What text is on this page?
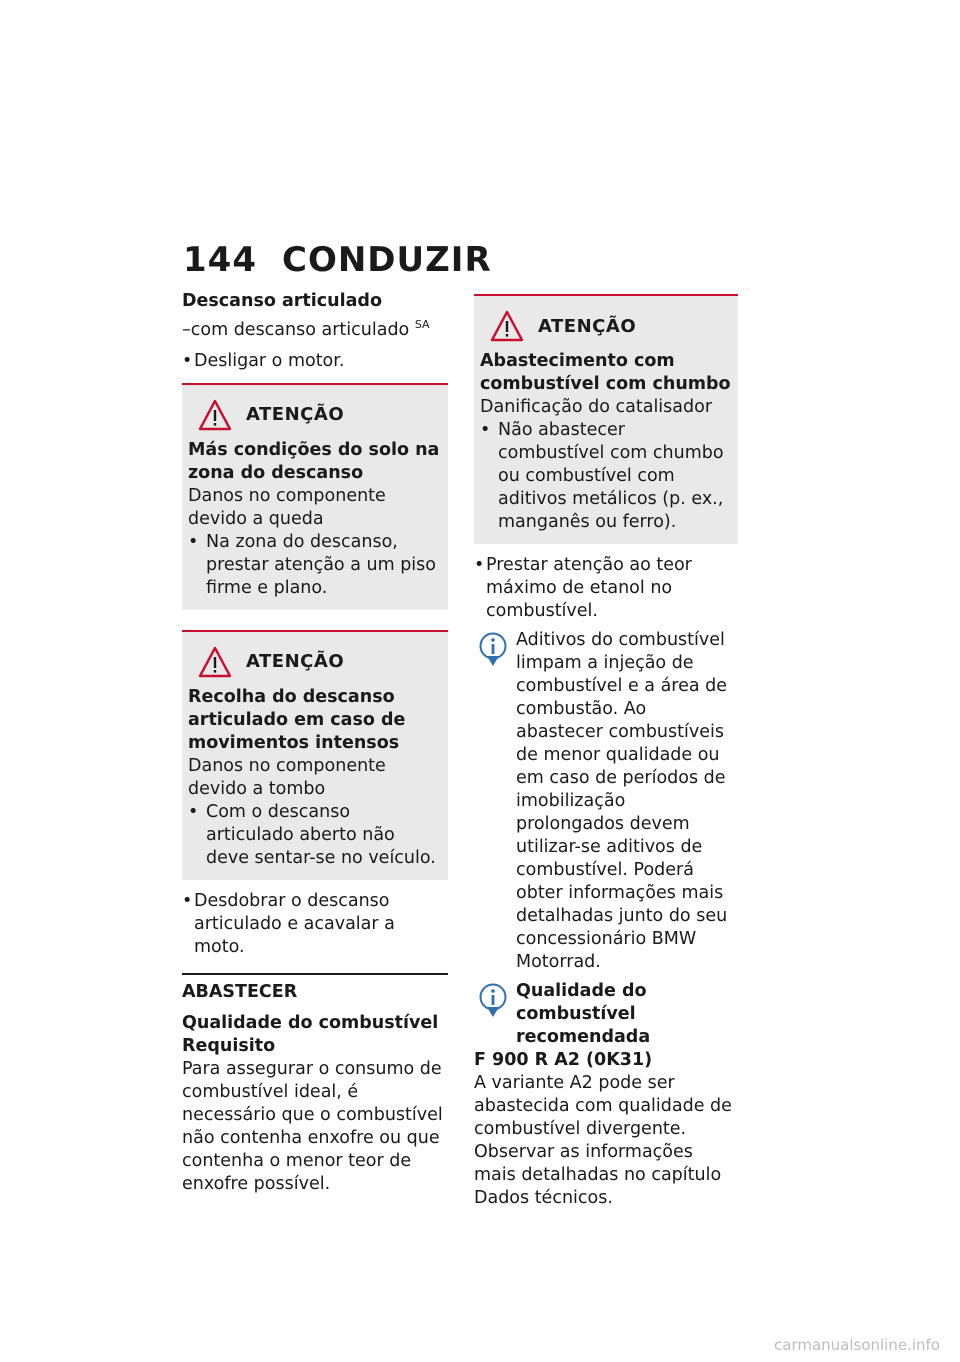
144 CONDUZIR

Descanso articulado

–com descanso articulado $^{SA}$

• Desligar o motor.

ATENÇÃO

Más condições do solo na zona do descanso

Danos no componente devido a queda

• Na zona do descanso, prestar atenção a um piso firme e plano.

ATENÇÃO

Recolha do descanso articulado em caso de movimentos intensos

Danos no componente devido a tombo

• Com o descanso articulado aberto não deve sentar-se no veículo.

• Desdobrar o descanso articulado e acavalar a moto.

ABASTECER

Qualidade do combustível

Requisito

Para assegurar o consumo de combustível ideal, é necessário que o combustível não contenha enxofre ou que contenha o menor teor de enxofre possível.

ATENÇÃO

Abastecimento com combustível com chumbo

Danificação do catalisador

• Não abastecer combustível com chumbo ou combustível com aditivos metálicos (p. ex., manganês ou ferro).

• Prestar atenção ao teor máximo de etanol no combustível.

Aditivos do combustível limpam a injeção de combustível e a área de combustão. Ao abastecer combustíveis de menor qualidade ou em caso de períodos de imobilização prolongados devem utilizar-se aditivos de combustível. Poderá obter informações mais detalhadas junto do seu concessionário BMW Motorrad.

Qualidade do combustível recomendada

F 900 R A2 (0K31)

A variante A2 pode ser abastecida com qualidade de combustível divergente. Observar as informações mais detalhadas no capítulo Dados técnicos.

carmanualsonline.info
